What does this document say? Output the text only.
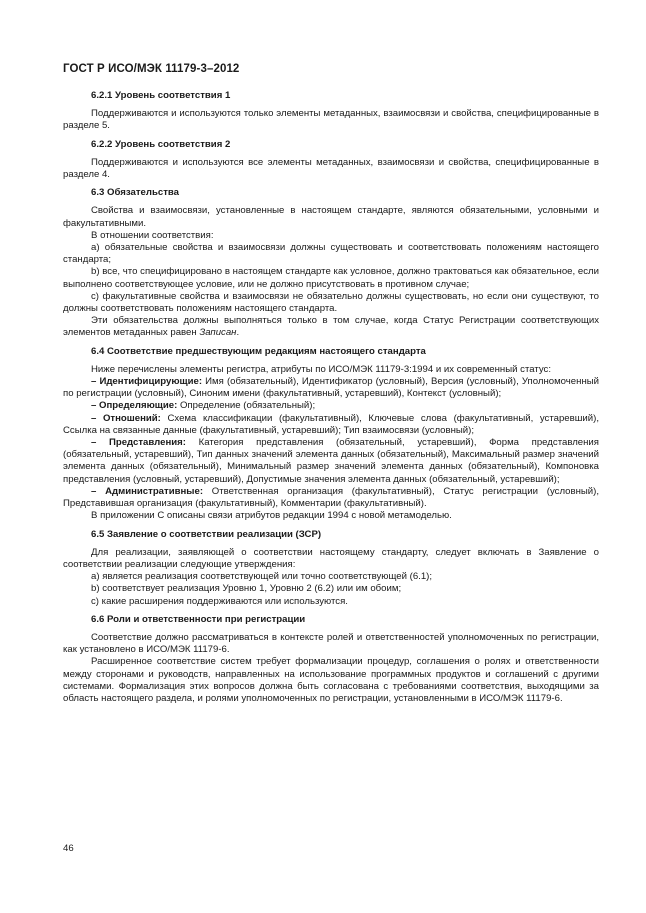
ГОСТ Р ИСО/МЭК 11179-3–2012
6.2.1 Уровень соответствия 1

Поддерживаются и используются только элементы метаданных, взаимосвязи и свойства, специфицированные в разделе 5.

6.2.2 Уровень соответствия 2

Поддерживаются и используются все элементы метаданных, взаимосвязи и свойства, специфицированные в разделе 4.

6.3 Обязательства

Свойства и взаимосвязи, установленные в настоящем стандарте, являются обязательными, условными и факультативными.

В отношении соответствия:

а) обязательные свойства и взаимосвязи должны существовать и соответствовать положениям настоящего стандарта;

b) все, что специфицировано в настоящем стандарте как условное, должно трактоваться как обязательное, если выполнено соответствующее условие, или не должно присутствовать в противном случае;

с) факультативные свойства и взаимосвязи не обязательно должны существовать, но если они существуют, то должны соответствовать положениям настоящего стандарта.

Эти обязательства должны выполняться только в том случае, когда Статус Регистрации соответствующих элементов метаданных равен Записан.

6.4 Соответствие предшествующим редакциям настоящего стандарта

Ниже перечислены элементы регистра, атрибуты по ИСО/МЭК 11179-3:1994 и их современный статус:

– Идентифицирующие: Имя (обязательный), Идентификатор (условный), Версия (условный), Уполномоченный по регистрации (условный), Синоним имени (факультативный, устаревший), Контекст (условный);

– Определяющие: Определение (обязательный);

– Отношений: Схема классификации (факультативный), Ключевые слова (факультативный, устаревший), Ссылка на связанные данные (факультативный, устаревший); Тип взаимосвязи (условный);

– Представления: Категория представления (обязательный, устаревший), Форма представления (обязательный, устаревший), Тип данных значений элемента данных (обязательный), Максимальный размер значений элемента данных (обязательный), Минимальный размер значений элемента данных (обязательный), Компоновка представления (условный, устаревший), Допустимые значения элемента данных (обязательный, устаревший);

– Административные: Ответственная организация (факультативный), Статус регистрации (условный), Представившая организация (факультативный), Комментарии (факультативный).

В приложении С описаны связи атрибутов редакции 1994 с новой метамоделью.

6.5 Заявление о соответствии реализации (ЗСР)

Для реализации, заявляющей о соответствии настоящему стандарту, следует включать в Заявление о соответствии реализации следующие утверждения:

а) является реализация соответствующей или точно соответствующей (6.1);

b) соответствует реализация Уровню 1, Уровню 2 (6.2) или им обоим;

с) какие расширения поддерживаются или используются.

6.6 Роли и ответственности при регистрации

Соответствие должно рассматриваться в контексте ролей и ответственностей уполномоченных по регистрации, как установлено в ИСО/МЭК 11179-6.

Расширенное соответствие систем требует формализации процедур, соглашения о ролях и ответственности между сторонами и руководств, направленных на использование программных продуктов и соглашений с другими системами. Формализация этих вопросов должна быть согласована с требованиями соответствия, выходящими за область настоящего раздела, и ролями уполномоченных по регистрации, установленными в ИСО/МЭК 11179-6.

46
